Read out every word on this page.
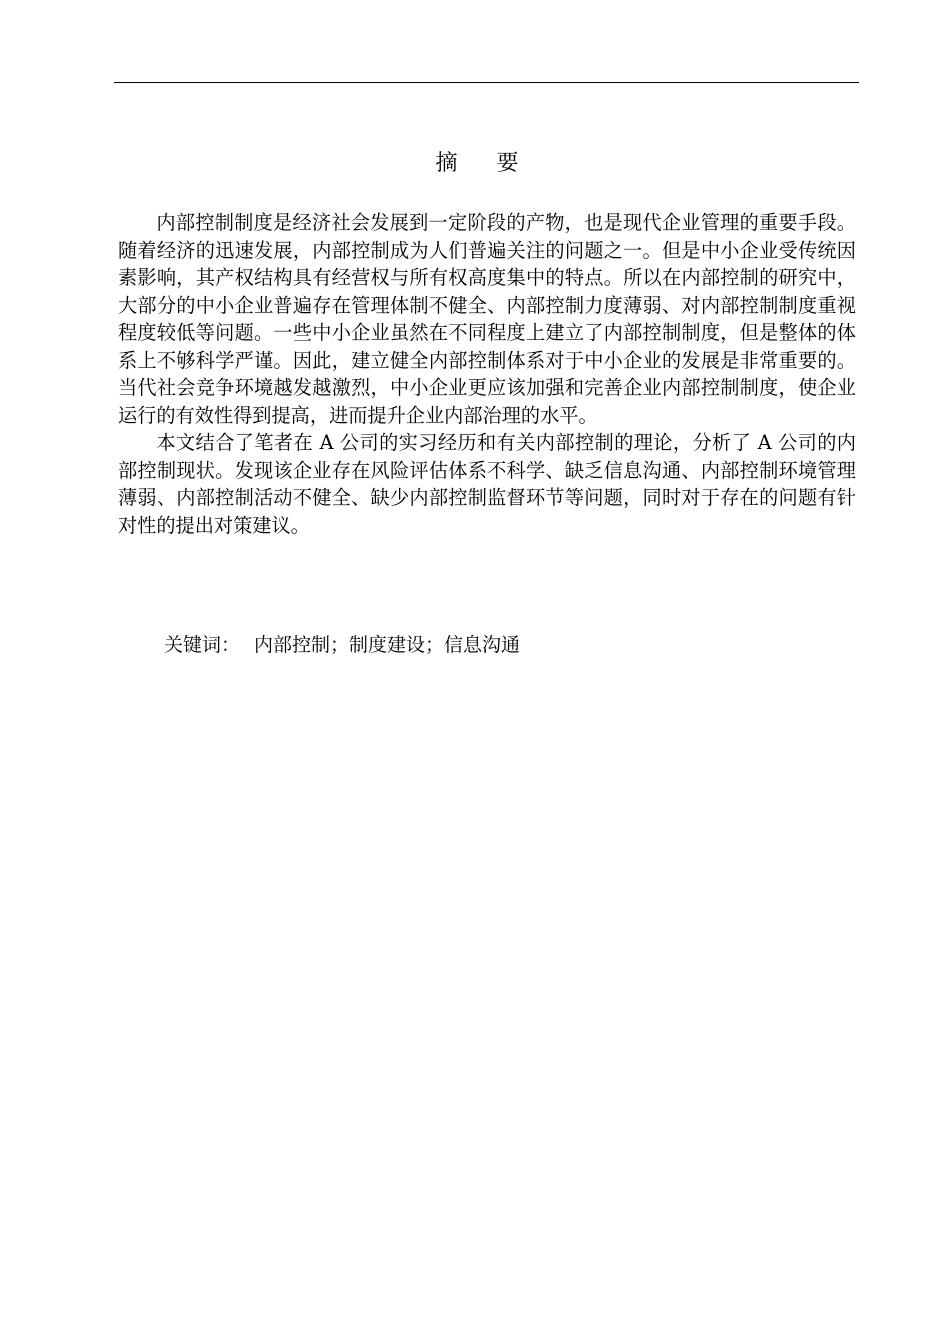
摘 要

内部控制制度是经济社会发展到一定阶段的产物，也是现代企业管理的重要手段。随着经济的迅速发展，内部控制成为人们普遍关注的问题之一。但是中小企业受传统因素影响，其产权结构具有经营权与所有权高度集中的特点。所以在内部控制的研究中，大部分的中小企业普遍存在管理体制不健全、内部控制力度薄弱、对内部控制制度重视程度较低等问题。一些中小企业虽然在不同程度上建立了内部控制制度，但是整体的体系上不够科学严谨。因此，建立健全内部控制体系对于中小企业的发展是非常重要的。当代社会竞争环境越发越激烈，中小企业更应该加强和完善企业内部控制制度，使企业运行的有效性得到提高，进而提升企业内部治理的水平。

本文结合了笔者在 A 公司的实习经历和有关内部控制的理论，分析了 A 公司的内部控制现状。发现该企业存在风险评估体系不科学、缺乏信息沟通、内部控制环境管理薄弱、内部控制活动不健全、缺少内部控制监督环节等问题，同时对于存在的问题有针对性的提出对策建议。

关键词： 内部控制；制度建设；信息沟通
